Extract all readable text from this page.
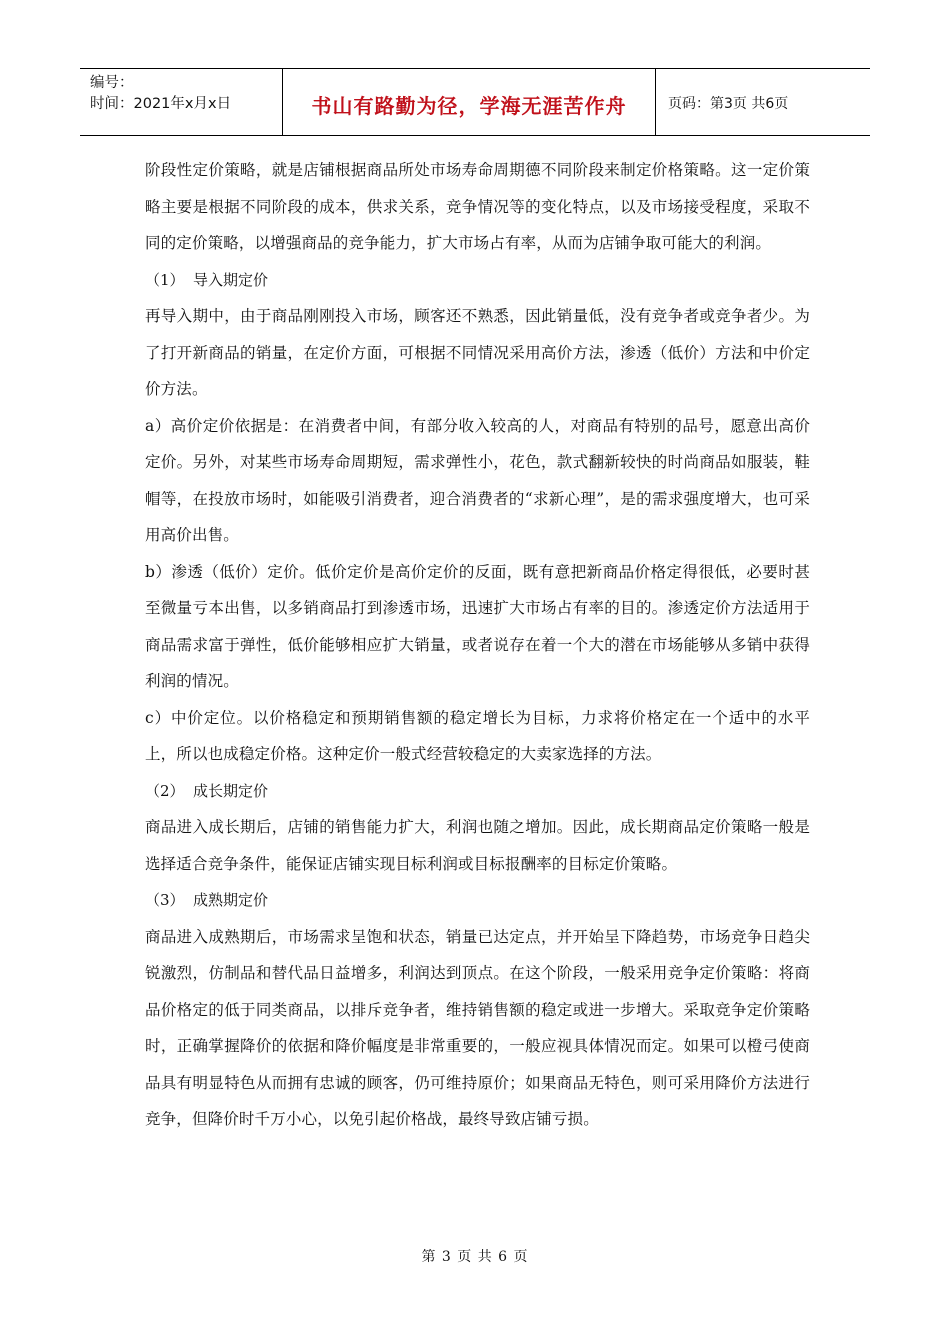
编号：
时间：2021年x月x日	书山有路勤为径，学海无涯苦作舟	页码：第3页 共6页

阶段性定价策略，就是店铺根据商品所处市场寿命周期德不同阶段来制定价格策略。这一定价策略主要是根据不同阶段的成本，供求关系，竞争情况等的变化特点，以及市场接受程度，采取不同的定价策略，以增强商品的竞争能力，扩大市场占有率，从而为店铺争取可能大的利润。

（1） 导入期定价

再导入期中，由于商品刚刚投入市场，顾客还不熟悉，因此销量低，没有竞争者或竞争者少。为了打开新商品的销量，在定价方面，可根据不同情况采用高价方法，渗透（低价）方法和中价定价方法。

a）高价定价依据是：在消费者中间，有部分收入较高的人，对商品有特别的品号，愿意出高价定价。另外，对某些市场寿命周期短，需求弹性小，花色，款式翻新较快的时尚商品如服装，鞋帽等，在投放市场时，如能吸引消费者，迎合消费者的“求新心理”，是的需求强度增大，也可采用高价出售。

b）渗透（低价）定价。低价定价是高价定价的反面，既有意把新商品价格定得很低，必要时甚至微量亏本出售，以多销商品打到渗透市场，迅速扩大市场占有率的目的。渗透定价方法适用于商品需求富于弹性，低价能够相应扩大销量，或者说存在着一个大的潜在市场能够从多销中获得利润的情况。

c）中价定位。以价格稳定和预期销售额的稳定增长为目标，力求将价格定在一个适中的水平上，所以也成稳定价格。这种定价一般式经营较稳定的大卖家选择的方法。

（2） 成长期定价

商品进入成长期后，店铺的销售能力扩大，利润也随之增加。因此，成长期商品定价策略一般是选择适合竞争条件，能保证店铺实现目标利润或目标报酬率的目标定价策略。

（3） 成熟期定价

商品进入成熟期后，市场需求呈饱和状态，销量已达定点，并开始呈下降趋势，市场竞争日趋尖锐激烈，仿制品和替代品日益增多，利润达到顶点。在这个阶段，一般采用竞争定价策略：将商品价格定的低于同类商品，以排斥竞争者，维持销售额的稳定或进一步增大。采取竞争定价策略时，正确掌握降价的依据和降价幅度是非常重要的，一般应视具体情况而定。如果可以橙弓使商品具有明显特色从而拥有忠诚的顾客，仍可维持原价；如果商品无特色，则可采用降价方法进行竞争，但降价时千万小心，以免引起价格战，最终导致店铺亏损。

第 3 页 共 6 页
